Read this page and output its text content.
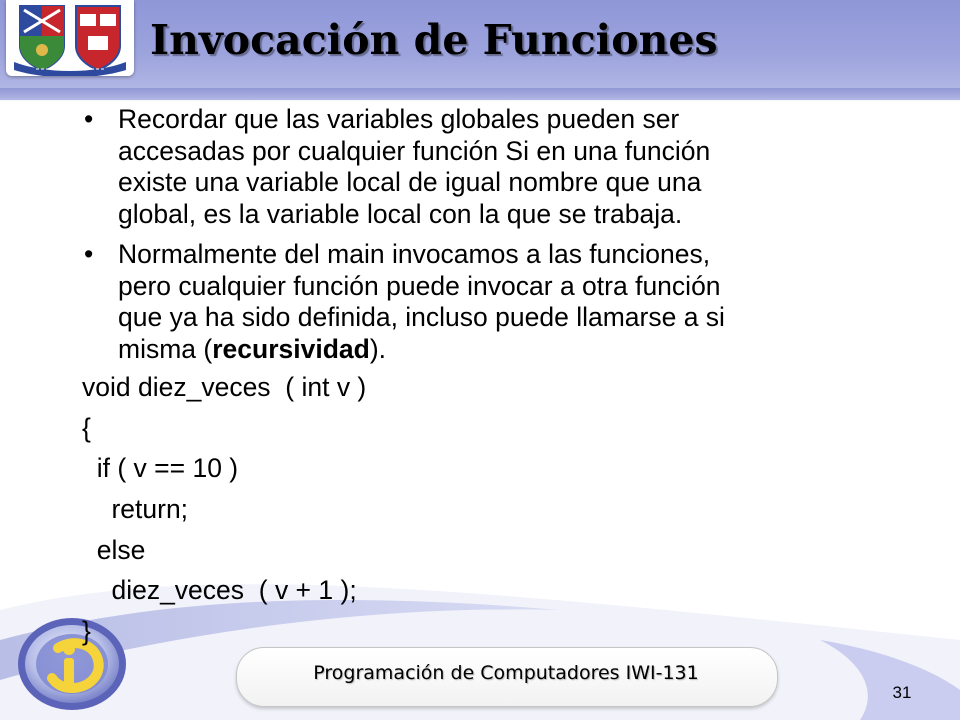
Invocación de Funciones
• Recordar que las variables globales pueden ser
accesadas por cualquier función Si en una función
existe una variable local de igual nombre que una
global, es la variable local con la que se trabaja.
• Normalmente del main invocamos a las funciones,
pero cualquier función puede invocar a otra función
que ya ha sido definida, incluso puede llamarse a si
misma (recursividad).
void diez_veces  ( int v )
{
if ( v == 10 )
return;
else
diez_veces  ( v + 1 );
}
Programación de Computadores IWI-131
31
